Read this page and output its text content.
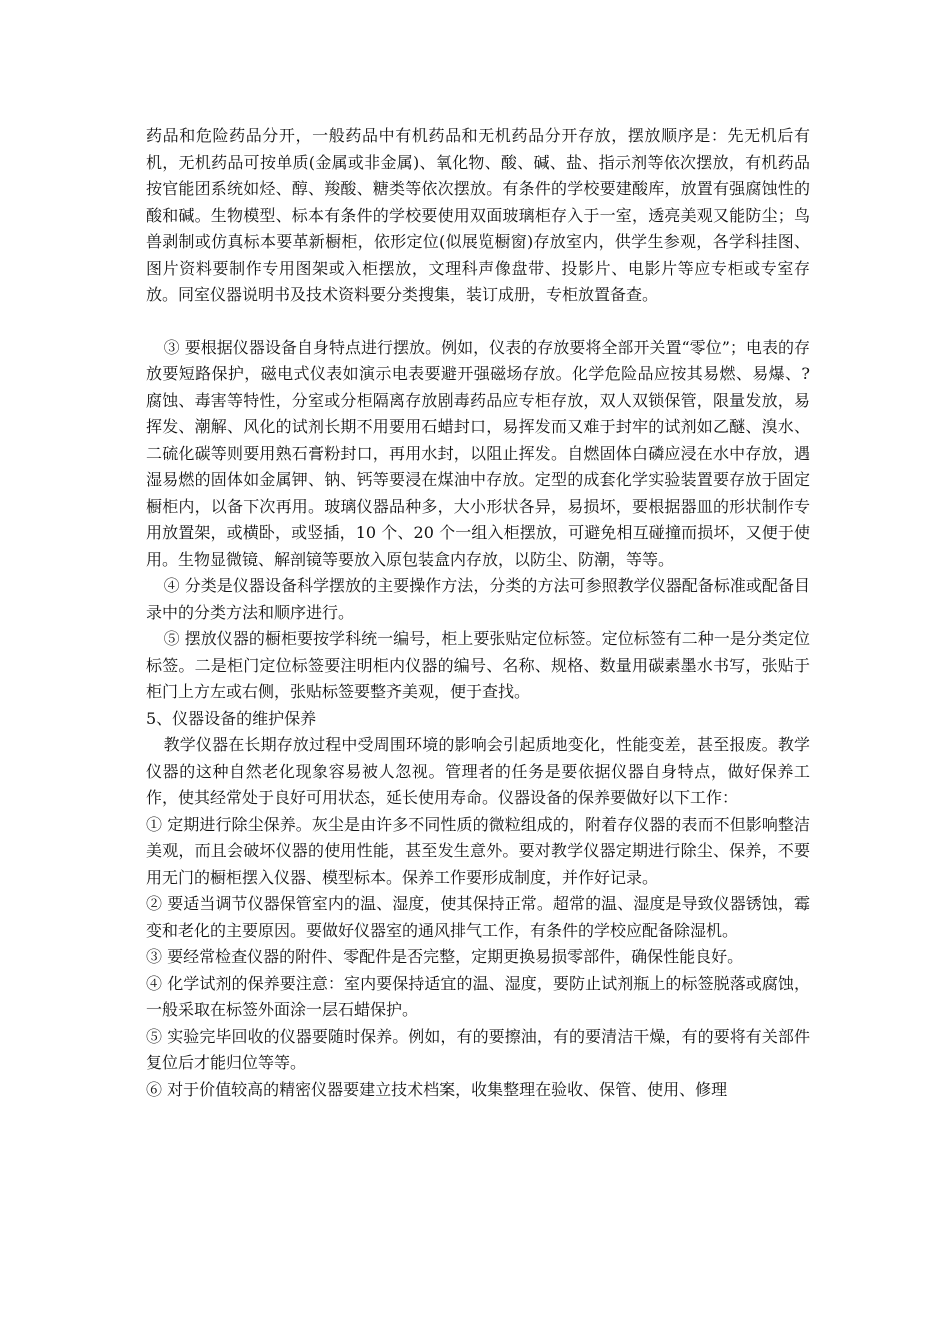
药品和危险药品分开，一般药品中有机药品和无机药品分开存放，摆放顺序是：先无机后有机，无机药品可按单质(金属或非金属)、氧化物、酸、碱、盐、指示剂等依次摆放，有机药品按官能团系统如烃、醇、羧酸、糖类等依次摆放。有条件的学校要建酸库，放置有强腐蚀性的酸和碱。生物模型、标本有条件的学校要使用双面玻璃柜存入于一室，透亮美观又能防尘；鸟兽剥制或仿真标本要革新橱柜，依形定位(似展览橱窗)存放室内，供学生参观，各学科挂图、图片资料要制作专用图架或入柜摆放，文理科声像盘带、投影片、电影片等应专柜或专室存放。同室仪器说明书及技术资料要分类搜集，装订成册，专柜放置备查。

③ 要根据仪器设备自身特点进行摆放。例如，仪表的存放要将全部开关置“零位”；电表的存放要短路保护，磁电式仪表如演示电表要避开强磁场存放。化学危险品应按其易燃、易爆、?腐蚀、毒害等特性，分室或分柜隔离存放剧毒药品应专柜存放，双人双锁保管，限量发放，易挥发、潮解、风化的试剂长期不用要用石蜡封口，易挥发而又难于封牢的试剂如乙醚、溴水、二硫化碳等则要用熟石膏粉封口，再用水封，以阻止挥发。自燃固体白磷应浸在水中存放，遇湿易燃的固体如金属钾、钠、钙等要浸在煤油中存放。定型的成套化学实验装置要存放于固定橱柜内，以备下次再用。玻璃仪器品种多，大小形状各异，易损坏，要根据器皿的形状制作专用放置架，或横卧，或竖插，10 个、20 个一组入柜摆放，可避免相互碰撞而损坏，又便于使用。生物显微镜、解剖镜等要放入原包装盒内存放，以防尘、防潮，等等。

④ 分类是仪器设备科学摆放的主要操作方法，分类的方法可参照教学仪器配备标准或配备目录中的分类方法和顺序进行。

⑤ 摆放仪器的橱柜要按学科统一编号，柜上要张贴定位标签。定位标签有二种一是分类定位标签。二是柜门定位标签要注明柜内仪器的编号、名称、规格、数量用碳素墨水书写，张贴于柜门上方左或右侧，张贴标签要整齐美观，便于查找。

5、仪器设备的维护保养

教学仪器在长期存放过程中受周围环境的影响会引起质地变化，性能变差，甚至报废。教学仪器的这种自然老化现象容易被人忽视。管理者的任务是要依据仪器自身特点，做好保养工作，使其经常处于良好可用状态，延长使用寿命。仪器设备的保养要做好以下工作：

① 定期进行除尘保养。灰尘是由许多不同性质的微粒组成的，附着存仪器的表而不但影响整洁美观，而且会破坏仪器的使用性能，甚至发生意外。要对教学仪器定期进行除尘、保养，不要用无门的橱柜摆入仪器、模型标本。保养工作要形成制度，并作好记录。

② 要适当调节仪器保管室内的温、湿度，使其保持正常。超常的温、湿度是导致仪器锈蚀，霉变和老化的主要原因。要做好仪器室的通风排气工作，有条件的学校应配备除湿机。

③ 要经常检查仪器的附件、零配件是否完整，定期更换易损零部件，确保性能良好。

④ 化学试剂的保养要注意：室内要保持适宜的温、湿度，要防止试剂瓶上的标签脱落或腐蚀，一般采取在标签外面涂一层石蜡保护。

⑤ 实验完毕回收的仪器要随时保养。例如，有的要擦油，有的要清洁干燥，有的要将有关部件复位后才能归位等等。

⑥ 对于价值较高的精密仪器要建立技术档案，收集整理在验收、保管、使用、修理
